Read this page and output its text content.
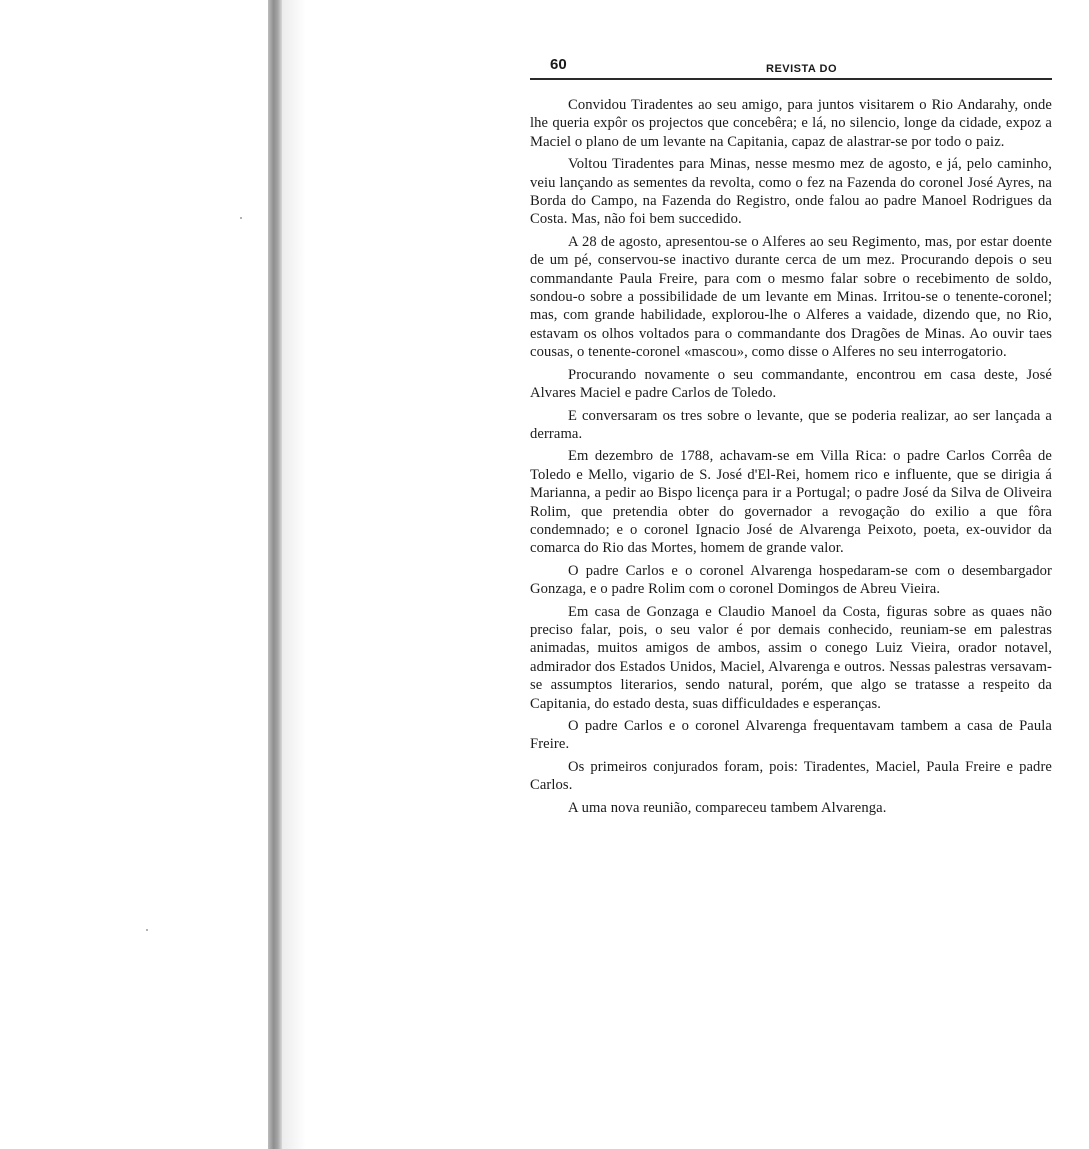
60	REVISTA DO

Convidou Tiradentes ao seu amigo, para juntos visitarem o Rio Andarahy, onde lhe queria expôr os projectos que concebêra; e lá, no silencio, longe da cidade, expoz a Maciel o plano de um levante na Capitania, capaz de alastrar-se por todo o paiz.

Voltou Tiradentes para Minas, nesse mesmo mez de agosto, e já, pelo caminho, veiu lançando as sementes da revolta, como o fez na Fazenda do coronel José Ayres, na Borda do Campo, na Fazenda do Registro, onde falou ao padre Manoel Rodrigues da Costa. Mas, não foi bem succedido.

A 28 de agosto, apresentou-se o Alferes ao seu Regimento, mas, por estar doente de um pé, conservou-se inactivo durante cerca de um mez. Procurando depois o seu commandante Paula Freire, para com o mesmo falar sobre o recebimento de soldo, sondou-o sobre a possibilidade de um levante em Minas. Irritou-se o tenente-coronel; mas, com grande habilidade, explorou-lhe o Alferes a vaidade, dizendo que, no Rio, estavam os olhos voltados para o commandante dos Dragões de Minas. Ao ouvir taes cousas, o tenente-coronel «mascou», como disse o Alferes no seu interrogatorio.

Procurando novamente o seu commandante, encontrou em casa deste, José Alvares Maciel e padre Carlos de Toledo.

E conversaram os tres sobre o levante, que se poderia realizar, ao ser lançada a derrama.

Em dezembro de 1788, achavam-se em Villa Rica: o padre Carlos Corrêa de Toledo e Mello, vigario de S. José d'El-Rei, homem rico e influente, que se dirigia á Marianna, a pedir ao Bispo licença para ir a Portugal; o padre José da Silva de Oliveira Rolim, que pretendia obter do governador a revogação do exilio a que fôra condemnado; e o coronel Ignacio José de Alvarenga Peixoto, poeta, ex-ouvidor da comarca do Rio das Mortes, homem de grande valor.

O padre Carlos e o coronel Alvarenga hospedaram-se com o desembargador Gonzaga, e o padre Rolim com o coronel Domingos de Abreu Vieira.

Em casa de Gonzaga e Claudio Manoel da Costa, figuras sobre as quaes não preciso falar, pois, o seu valor é por demais conhecido, reuniam-se em palestras animadas, muitos amigos de ambos, assim o conego Luiz Vieira, orador notavel, admirador dos Estados Unidos, Maciel, Alvarenga e outros. Nessas palestras versavam-se assumptos literarios, sendo natural, porém, que algo se tratasse a respeito da Capitania, do estado desta, suas difficuldades e esperanças.

O padre Carlos e o coronel Alvarenga frequentavam tambem a casa de Paula Freire.

Os primeiros conjurados foram, pois: Tiradentes, Maciel, Paula Freire e padre Carlos.

A uma nova reunião, compareceu tambem Alvarenga.
